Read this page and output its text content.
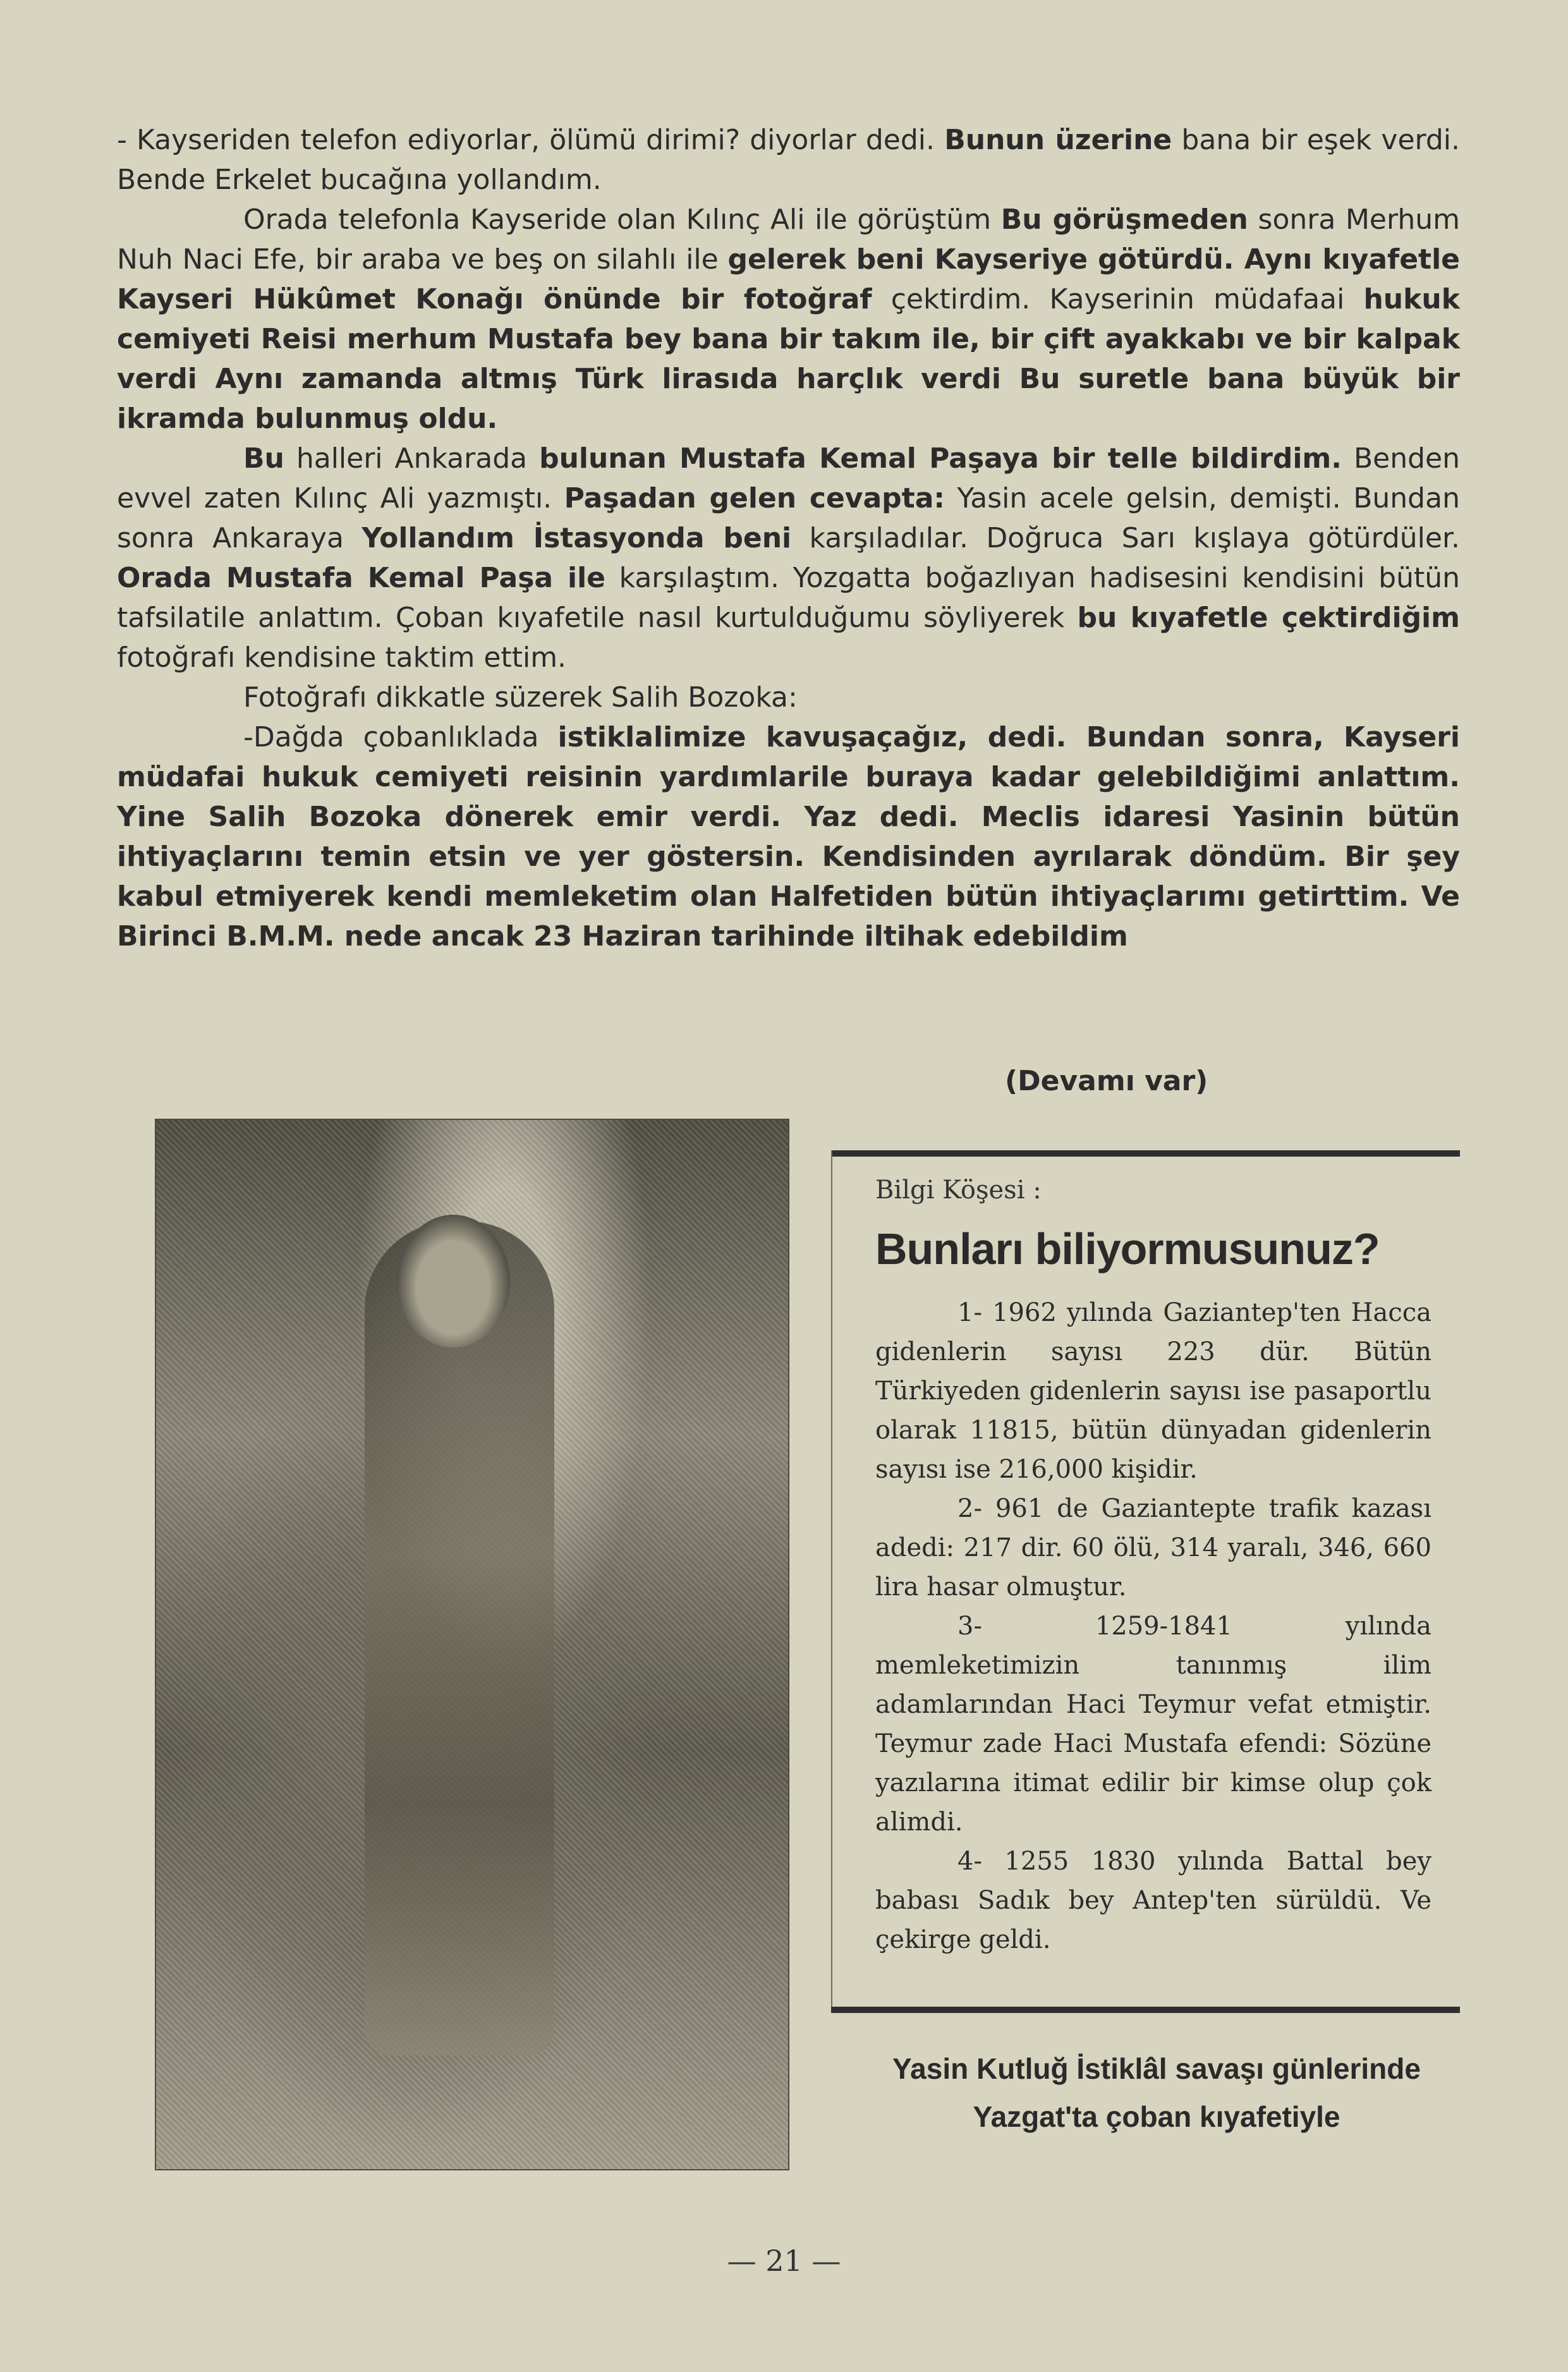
- Kayseriden telefon ediyorlar, ölümü dirimi? diyorlar dedi. Bunun üzerine bana bir eşek verdi. Bende Erkelet bucağına yollandım.

Orada telefonla Kayseride olan Kılınç Ali ile görüştüm Bu görüşmeden sonra Merhum Nuh Naci Efe, bir araba ve beş on silahlı ile gelerek beni Kayseriye götürdü. Aynı kıyafetle Kayseri Hükûmet Konağı önünde bir fotoğraf çektirdim. Kayserinin müdafaai hukuk cemiyeti Reisi merhum Mustafa bey bana bir takım ile, bir çift ayakkabı ve bir kalpak verdi Aynı zamanda altmış Türk lirasıda harçlık verdi Bu suretle bana büyük bir ikramda bulunmuş oldu.

Bu halleri Ankarada bulunan Mustafa Kemal Paşaya bir telle bildirdim. Benden evvel zaten Kılınç Ali yazmıştı. Paşadan gelen cevapta: Yasin acele gelsin, demişti. Bundan sonra Ankaraya Yollandım İstasyonda beni karşıladılar. Doğruca Sarı kışlaya götürdüler. Orada Mustafa Kemal Paşa ile karşılaştım. Yozgatta boğazlıyan hadisesini kendisini bütün tafsilatile anlattım. Çoban kıyafetile nasıl kurtulduğumu söyliyerek bu kıyafetle çektirdiğim fotoğrafı kendisine taktim ettim.

Fotoğrafı dikkatle süzerek Salih Bozoka:

-Dağda çobanlıklada istiklalimize kavuşaçağız, dedi. Bundan sonra, Kayseri müdafai hukuk cemiyeti reisinin yardımlarile buraya kadar gelebildiğimi anlattım. Yine Salih Bozoka dönerek emir verdi. Yaz dedi. Meclis idaresi Yasinin bütün ihtiyaçlarını temin etsin ve yer göstersin. Kendisinden ayrılarak döndüm. Bir şey kabul etmiyerek kendi memleketim olan Halfetiden bütün ihtiyaçlarımı getirttim. Ve Birinci B.M.M. nede ancak 23 Haziran tarihinde iltihak edebildim

(Devamı var)

Bilgi Köşesi :

Bunları biliyormusunuz?

1- 1962 yılında Gaziantep'ten Hacca gidenlerin sayısı 223 dür. Bütün Türkiyeden gidenlerin sayısı ise pasaportlu olarak 11815, bütün dünyadan gidenlerin sayısı ise 216,000 kişidir.

2- 961 de Gaziantepte trafik kazası adedi: 217 dir. 60 ölü, 314 yaralı, 346, 660 lira hasar olmuştur.

3- 1259-1841 yılında memleketimizin tanınmış ilim adamlarından Haci Teymur vefat etmiştir. Teymur zade Haci Mustafa efendi: Sözüne yazılarına itimat edilir bir kimse olup çok alimdi.

4- 1255 1830 yılında Battal bey babası Sadık bey Antep'ten sürüldü. Ve çekirge geldi.

Yasin Kutluğ İstiklâl savaşı günlerinde
Yazgat'ta çoban kıyafetiyle
— 21 —
